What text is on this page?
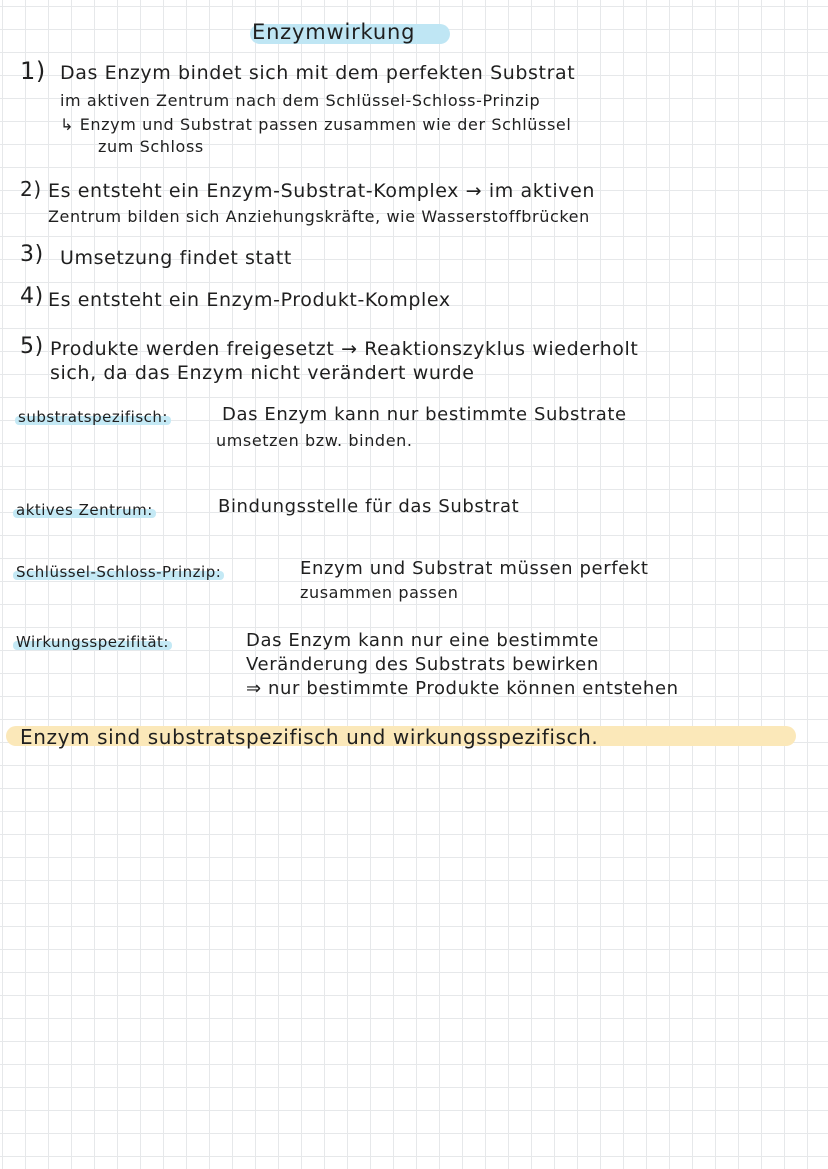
Enzymwirkung
1) Das Enzym bindet sich mit dem perfekten Substrat
im aktiven Zentrum nach dem Schlüssel-Schloss-Prinzip
↳ Enzym und Substrat passen zusammen wie der Schlüssel
zum Schloss
2) Es entsteht ein Enzym-Substrat-Komplex → im aktiven
Zentrum bilden sich Anziehungskräfte, wie Wasserstoffbrücken
3) Umsetzung findet statt
4) Es entsteht ein Enzym-Produkt-Komplex
5) Produkte werden freigesetzt → Reaktionszyklus wiederholt
sich, da das Enzym nicht verändert wurde
substratspezifisch:	Das Enzym kann nur bestimmte Substrate
umsetzen bzw. binden.
aktives Zentrum:	Bindungsstelle für das Substrat
Schlüssel-Schloss-Prinzip:	Enzym und Substrat müssen perfekt
zusammen passen
Wirkungsspezifität:	Das Enzym kann nur eine bestimmte
Veränderung des Substrats bewirken
⇒ nur bestimmte Produkte können entstehen
Enzym sind substratspezifisch und wirkungsspezifisch.
